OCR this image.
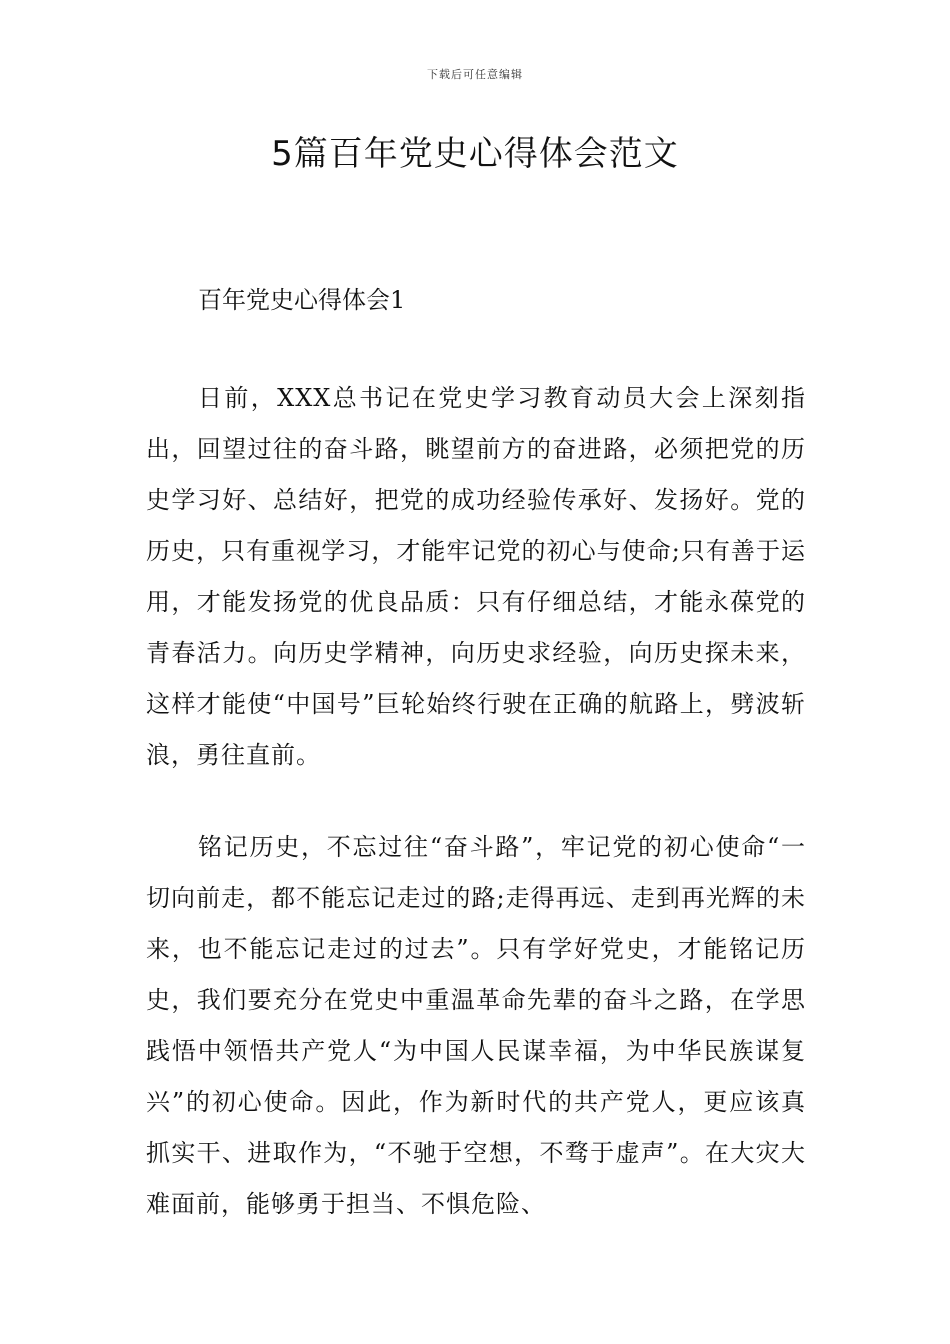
下载后可任意编辑
5篇百年党史心得体会范文
百年党史心得体会1

日前，XXX总书记在党史学习教育动员大会上深刻指出，回望过往的奋斗路，眺望前方的奋进路，必须把党的历史学习好、总结好，把党的成功经验传承好、发扬好。党的历史，只有重视学习，才能牢记党的初心与使命;只有善于运用，才能发扬党的优良品质：只有仔细总结，才能永葆党的青春活力。向历史学精神，向历史求经验，向历史探未来，这样才能使“中国号”巨轮始终行驶在正确的航路上，劈波斩浪，勇往直前。

铭记历史，不忘过往“奋斗路”，牢记党的初心使命“一切向前走，都不能忘记走过的路;走得再远、走到再光辉的未来，也不能忘记走过的过去”。只有学好党史，才能铭记历史，我们要充分在党史中重温革命先辈的奋斗之路，在学思践悟中领悟共产党人“为中国人民谋幸福，为中华民族谋复兴”的初心使命。因此，作为新时代的共产党人，更应该真抓实干、进取作为，“不驰于空想，不骛于虚声”。在大灾大难面前，能够勇于担当、不惧危险、
